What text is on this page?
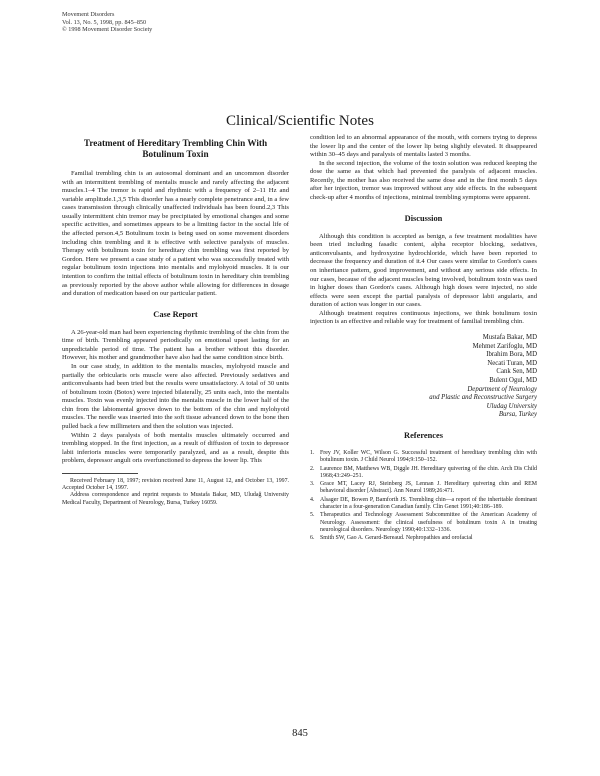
Movement Disorders
Vol. 13, No. 5, 1998, pp. 845–850
© 1998 Movement Disorder Society
Clinical/Scientific Notes
Treatment of Hereditary Trembling Chin With Botulinum Toxin

Familial trembling chin is an autosomal dominant and an uncommon disorder with an intermittent trembling of mentalis muscle and rarely affecting the adjacent muscles.1–4 The tremor is rapid and rhythmic with a frequency of 2–11 Hz and variable amplitude.1,3,5 This disorder has a nearly complete penetrance and, in a few cases transmission through clinically unaffected individuals has been found.2,3 This usually intermittent chin tremor may be precipitated by emotional changes and some specific activities, and sometimes appears to be a limiting factor in the social life of the affected person.4,5 Botulinum toxin is being used on some movement disorders including chin trembling and it is effective with selective paralysis of muscles. Therapy with botulinum toxin for hereditary chin trembling was first reported by Gordon. Here we present a case study of a patient who was successfully treated with regular botulinum toxin injections into mentalis and mylohyoid muscles. It is our intention to confirm the initial effects of botulinum toxin in hereditary chin trembling as previously reported by the above author while allowing for differences in dosage and duration of medication based on our particular patient.

Case Report

A 26-year-old man had been experiencing rhythmic trembling of the chin from the time of birth. Trembling appeared periodically on emotional upset lasting for an unpredictable period of time. The patient has a brother without this disorder. However, his mother and grandmother have also had the same condition since birth.

In our case study, in addition to the mentalis muscles, mylohyoid muscle and partially the orbicularis oris muscle were also affected. Previously sedatives and anticonvulsants had been tried but the results were unsatisfactory. A total of 30 units of botulinum toxin (Botox) were injected bilaterally, 25 units each, into the mentalis muscles. Toxin was evenly injected into the mentalis muscle in the lower half of the chin from the labiomental groove down to the bottom of the chin and mylohyoid muscles. The needle was inserted into the soft tissue advanced down to the bone then pulled back a few millimeters and then the solution was injected.

Within 2 days paralysis of both mentalis muscles ultimately occurred and trembling stopped. In the first injection, as a result of diffusion of toxin to depressor labii inferioris muscles were temporarily paralyzed, and as a result, despite this problem, depressor anguli oris overfunctioned to depress the lower lip. This

Received February 18, 1997; revision received June 11, August 12, and October 13, 1997. Accepted October 14, 1997.

Address correspondence and reprint requests to Mustafa Bakar, MD, Uludağ University Medical Faculty, Department of Neurology, Bursa, Turkey 16059.

condition led to an abnormal appearance of the mouth, with corners trying to depress the lower lip and the center of the lower lip being slightly elevated. It disappeared within 30–45 days and paralysis of mentalis lasted 3 months.

In the second injection, the volume of the toxin solution was reduced keeping the dose the same as that which had prevented the paralysis of adjacent muscles. Recently, the mother has also received the same dose and in the first month 5 days after her injection, tremor was improved without any side effects. In the subsequent check-up after 4 months of injections, minimal trembling symptoms were apparent.

Discussion

Although this condition is accepted as benign, a few treatment modalities have been tried including fasadic content, alpha receptor blocking, sedatives, anticonvulsants, and hydroxyzine hydrochloride, which have been reported to decrease the frequency and duration of it.4 Our cases were similar to Gordon's cases on inheritance pattern, good improvement, and without any serious side effects. In our cases, because of the adjacent muscles being involved, botulinum toxin was used in higher doses than Gordon's cases. Although high doses were injected, no side effects were seen except the partial paralysis of depressor labii angularis, and duration of action was longer in our cases.

Although treatment requires continuous injections, we think botulinum toxin injection is an effective and reliable way for treatment of familial trembling chin.

Mustafa Bakar, MD
Mehmet Zarifoglu, MD
Ibrahim Bora, MD
Necati Turan, MD
Cank Sen, MD
Bulent Ogul, MD
Department of Neurology
and Plastic and Reconstructive Surgery
Uludag University
Bursa, Turkey
References
1. Frey JV, Koller WC, Wilson G. Successful treatment of hereditary trembling chin with botulinum toxin. J Child Neurol 1994;9:150–152.
2. Laurence BM, Matthews WB, Diggle JH. Hereditary quivering of the chin. Arch Dis Child 1968;43:249–251.
3. Grace MT, Lacey RJ, Steinberg JS, Lennan J. Hereditary quivering chin and REM behavioral disorder [Abstract]. Ann Neurol 1989;26:471.
4. Alsager DE, Bowen P, Bamforth JS. Trembling chin—a report of the inheritable dominant character in a four-generation Canadian family. Clin Genet 1991;40:186–189.
5. Therapeutics and Technology Assessment Subcommittee of the American Academy of Neurology. Assessment: the clinical usefulness of botulinum toxin A in treating neurological disorders. Neurology 1990;40:1332–1336.
6. Smith SW, Gao A. Gerard-Bereaud. Nephropathies and orofacial
845
